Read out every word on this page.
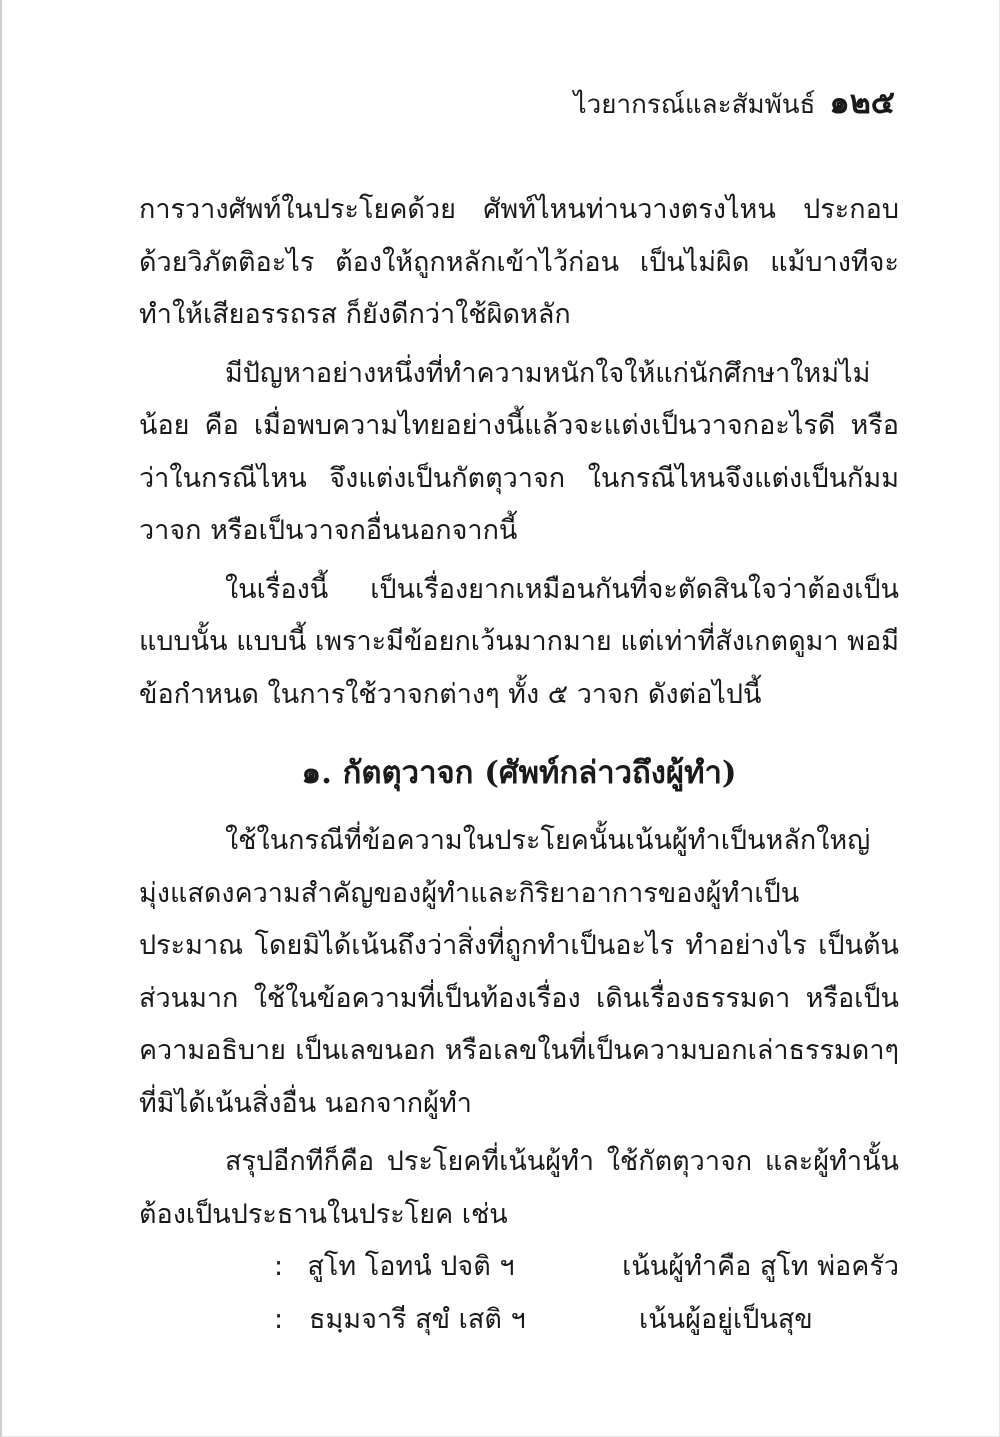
ไวยากรณ์และสัมพันธ์ ๑๒๕

การวางศัพท์ในประโยคด้วย ศัพท์ไหนท่านวางตรงไหน ประกอบด้วยวิภัตติอะไร ต้องให้ถูกหลักเข้าไว้ก่อน เป็นไม่ผิด แม้บางทีจะทำให้เสียอรรถรส ก็ยังดีกว่าใช้ผิดหลัก

มีปัญหาอย่างหนึ่งที่ทำความหนักใจให้แก่นักศึกษาใหม่ไม่น้อย คือ เมื่อพบความไทยอย่างนี้แล้วจะแต่งเป็นวาจกอะไรดี หรือว่าในกรณีไหน จึงแต่งเป็นกัตตุวาจก ในกรณีไหนจึงแต่งเป็นกัมมวาจก หรือเป็นวาจกอื่นนอกจากนี้

ในเรื่องนี้ เป็นเรื่องยากเหมือนกันที่จะตัดสินใจว่าต้องเป็นแบบนั้น แบบนี้ เพราะมีข้อยกเว้นมากมาย แต่เท่าที่สังเกตดูมา พอมีข้อกำหนด ในการใช้วาจกต่างๆ ทั้ง ๕ วาจก ดังต่อไปนี้

๑. กัตตุวาจก (ศัพท์กล่าวถึงผู้ทำ)

ใช้ในกรณีที่ข้อความในประโยคนั้นเน้นผู้ทำเป็นหลักใหญ่ มุ่งแสดงความสำคัญของผู้ทำและกิริยาอาการของผู้ทำเป็นประมาณ โดยมิได้เน้นถึงว่าสิ่งที่ถูกทำเป็นอะไร ทำอย่างไร เป็นต้น ส่วนมาก ใช้ในข้อความที่เป็นท้องเรื่อง เดินเรื่องธรรมดา หรือเป็นความอธิบาย เป็นเลขนอก หรือเลขในที่เป็นความบอกเล่าธรรมดาๆ ที่มิได้เน้นสิ่งอื่น นอกจากผู้ทำ

สรุปอีกทีก็คือ ประโยคที่เน้นผู้ทำ ใช้กัตตุวาจก และผู้ทำนั้น ต้องเป็นประธานในประโยค เช่น

: สูโท โอทนํ ปจติ ฯ	เน้นผู้ทำคือ สูโท พ่อครัว
: ธมฺมจารี สุขํ เสติ ฯ	เน้นผู้อยู่เป็นสุข
